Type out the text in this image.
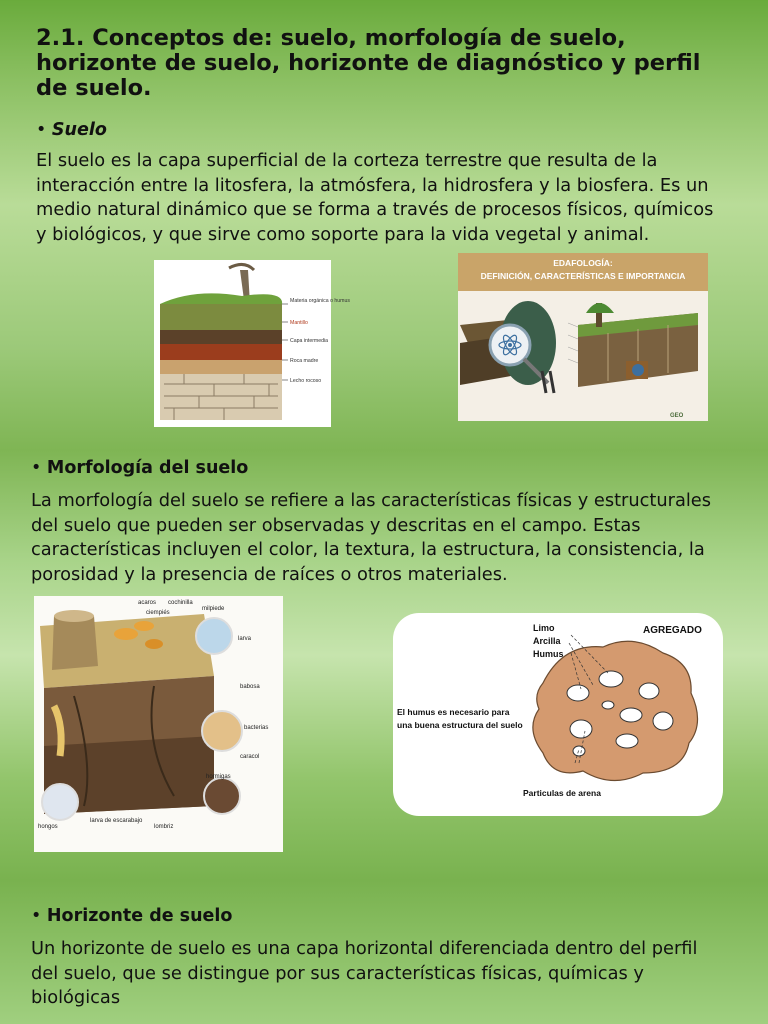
2.1. Conceptos de: suelo, morfología de suelo, horizonte de suelo, horizonte de diagnóstico y perfil de suelo.
• Suelo

El suelo es la capa superficial de la corteza terrestre que resulta de la interacción entre la litosfera, la atmósfera, la hidrosfera y la biosfera. Es un medio natural dinámico que se forma a través de procesos físicos, químicos y biológicos, y que sirve como soporte para la vida vegetal y animal.

Materia orgánica o humus
Mantillo
Capa intermedia
Roca madre
Lecho rocoso
EDAFOLOGÍA:
DEFINICIÓN, CARACTERÍSTICAS E IMPORTANCIA
GEO
• Morfología del suelo

La morfología del suelo se refiere a las características físicas y estructurales del suelo que pueden ser observadas y descritas en el campo. Estas características incluyen el color, la textura, la estructura, la consistencia, la porosidad y la presencia de raíces o otros materiales.

acaros cochinilla
ciempiés
milpiede
larva
babosa
bacterias
caracol
hormigas
hongos
larva de escarabajo
lombriz
AGREGADO
Limo
Arcilla
Humus
El humus es necesario para
una buena estructura del suelo
Particulas de arena
• Horizonte de suelo

Un horizonte de suelo es una capa horizontal diferenciada dentro del perfil del suelo, que se distingue por sus características físicas, químicas y biológicas
